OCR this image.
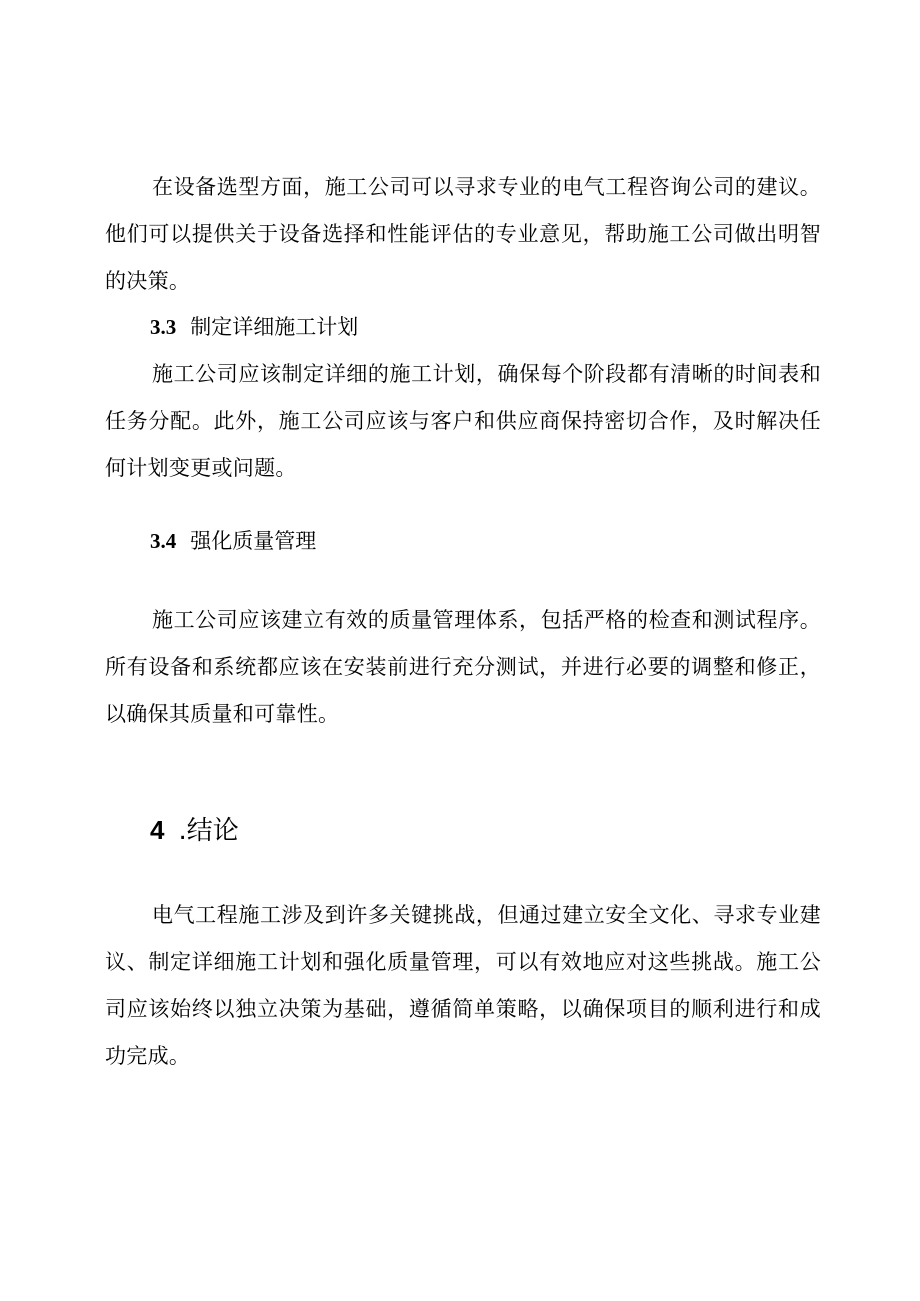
在设备选型方面，施工公司可以寻求专业的电气工程咨询公司的建议。他们可以提供关于设备选择和性能评估的专业意见，帮助施工公司做出明智的决策。

3.3 制定详细施工计划

施工公司应该制定详细的施工计划，确保每个阶段都有清晰的时间表和任务分配。此外，施工公司应该与客户和供应商保持密切合作，及时解决任何计划变更或问题。

3.4 强化质量管理

施工公司应该建立有效的质量管理体系，包括严格的检查和测试程序。所有设备和系统都应该在安装前进行充分测试，并进行必要的调整和修正，以确保其质量和可靠性。

4 .结论

电气工程施工涉及到许多关键挑战，但通过建立安全文化、寻求专业建议、制定详细施工计划和强化质量管理，可以有效地应对这些挑战。施工公司应该始终以独立决策为基础，遵循简单策略，以确保项目的顺利进行和成功完成。
